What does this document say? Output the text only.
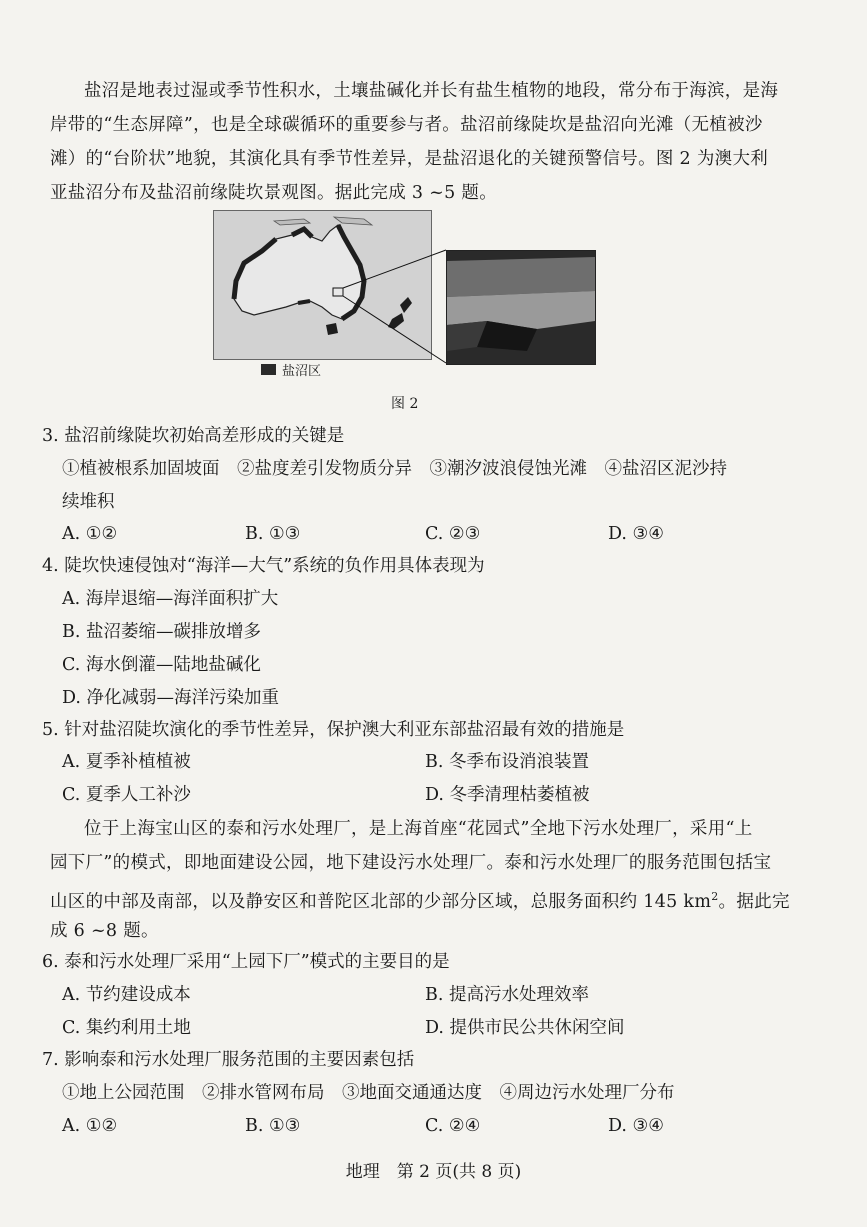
盐沼是地表过湿或季节性积水，土壤盐碱化并长有盐生植物的地段，常分布于海滨，是海
岸带的“生态屏障”，也是全球碳循环的重要参与者。盐沼前缘陡坎是盐沼向光滩（无植被沙
滩）的“台阶状”地貌，其演化具有季节性差异，是盐沼退化的关键预警信号。图 2 为澳大利
亚盐沼分布及盐沼前缘陡坎景观图。据此完成 3 ~5 题。
盐沼区
图 2
3. 盐沼前缘陡坎初始高差形成的关键是
①植被根系加固坡面　②盐度差引发物质分异　③潮汐波浪侵蚀光滩　④盐沼区泥沙持
续堆积
A. ①②	B. ①③	C. ②③	D. ③④
4. 陡坎快速侵蚀对“海洋—大气”系统的负作用具体表现为
A. 海岸退缩—海洋面积扩大
B. 盐沼萎缩—碳排放增多
C. 海水倒灌—陆地盐碱化
D. 净化减弱—海洋污染加重
5. 针对盐沼陡坎演化的季节性差异，保护澳大利亚东部盐沼最有效的措施是
A. 夏季补植植被	B. 冬季布设消浪装置
C. 夏季人工补沙	D. 冬季清理枯萎植被
位于上海宝山区的泰和污水处理厂，是上海首座“花园式”全地下污水处理厂，采用“上
园下厂”的模式，即地面建设公园，地下建设污水处理厂。泰和污水处理厂的服务范围包括宝
山区的中部及南部，以及静安区和普陀区北部的少部分区域，总服务面积约 145 $km^2$。据此完
成 6 ~8 题。
6. 泰和污水处理厂采用“上园下厂”模式的主要目的是
A. 节约建设成本	B. 提高污水处理效率
C. 集约利用土地	D. 提供市民公共休闲空间
7. 影响泰和污水处理厂服务范围的主要因素包括
①地上公园范围　②排水管网布局　③地面交通通达度　④周边污水处理厂分布
A. ①②	B. ①③	C. ②④	D. ③④
地理　第 2 页(共 8 页)
